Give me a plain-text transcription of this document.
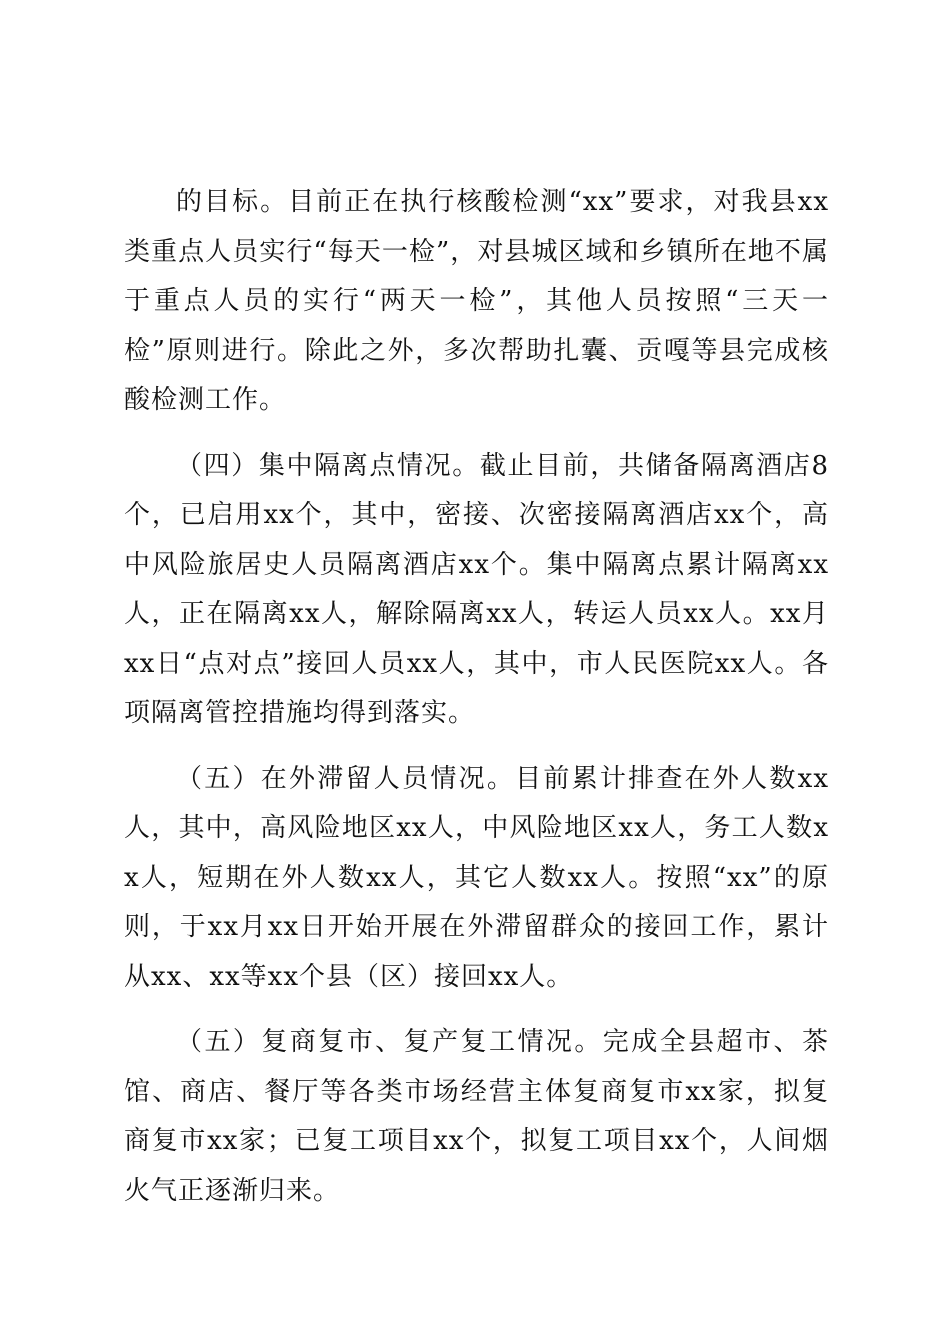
的目标。目前正在执行核酸检测“xx”要求，对我县xx类重点人员实行“每天一检”，对县城区域和乡镇所在地不属于重点人员的实行“两天一检”，其他人员按照“三天一检”原则进行。除此之外，多次帮助扎囊、贡嘎等县完成核酸检测工作。

（四）集中隔离点情况。截止目前，共储备隔离酒店8个，已启用xx个，其中，密接、次密接隔离酒店xx个，高中风险旅居史人员隔离酒店xx个。集中隔离点累计隔离xx人，正在隔离xx人，解除隔离xx人，转运人员xx人。xx月xx日“点对点”接回人员xx人，其中，市人民医院xx人。各项隔离管控措施均得到落实。

（五）在外滞留人员情况。目前累计排查在外人数xx人，其中，高风险地区xx人，中风险地区xx人，务工人数xx人，短期在外人数xx人，其它人数xx人。按照“xx”的原则，于xx月xx日开始开展在外滞留群众的接回工作，累计从xx、xx等xx个县（区）接回xx人。

（五）复商复市、复产复工情况。完成全县超市、茶馆、商店、餐厅等各类市场经营主体复商复市xx家，拟复商复市xx家；已复工项目xx个，拟复工项目xx个，人间烟火气正逐渐归来。
